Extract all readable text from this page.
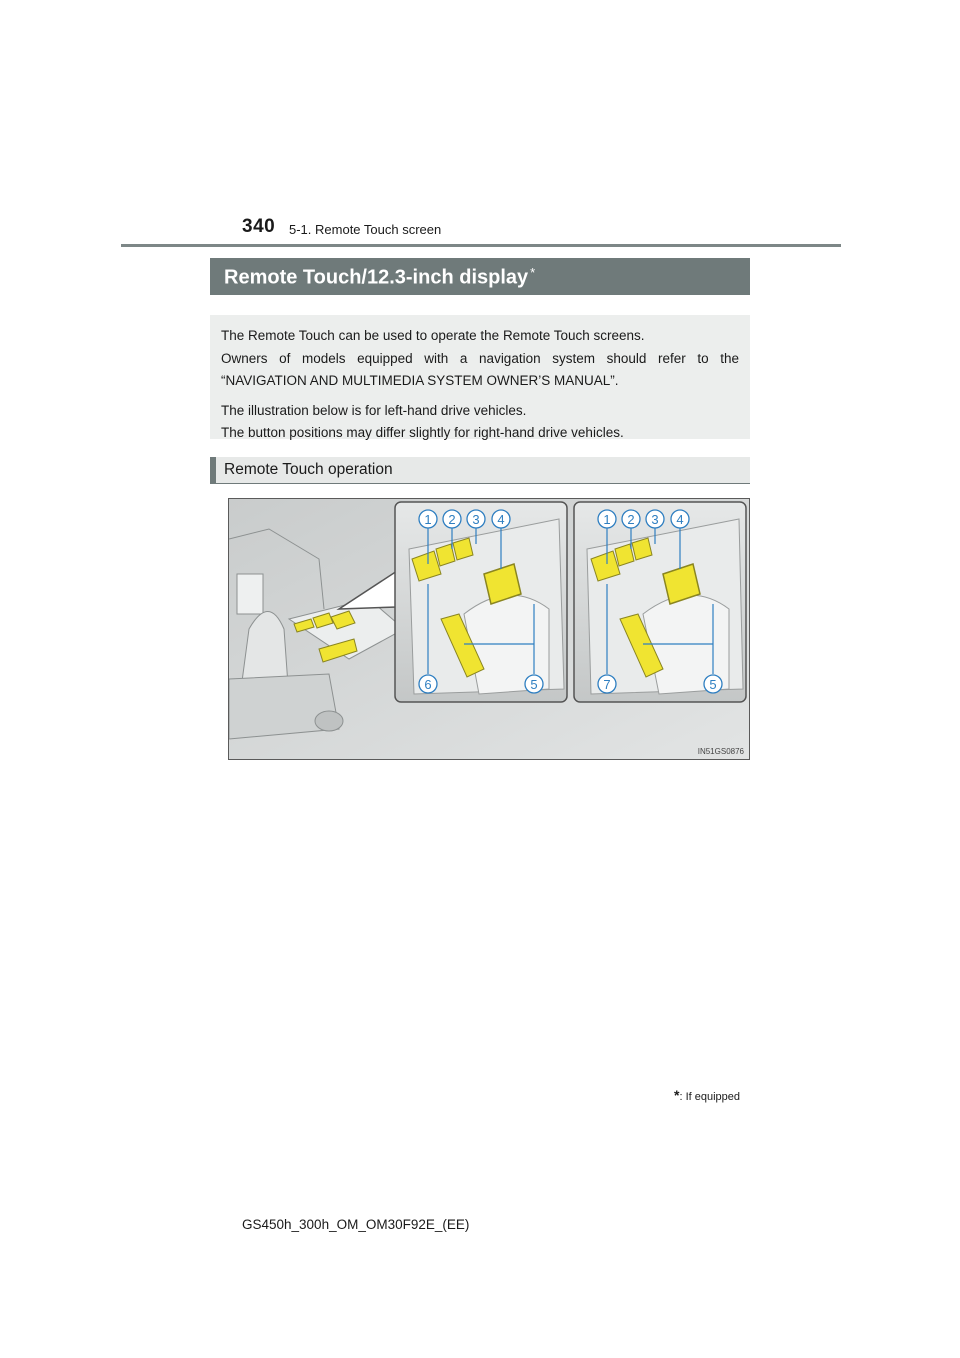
340 5-1. Remote Touch screen
Remote Touch/12.3-inch display *

The Remote Touch can be used to operate the Remote Touch screens.

Owners of models equipped with a navigation system should refer to the “NAVIGATION AND MULTIMEDIA SYSTEM OWNER’S MANUAL”.

The illustration below is for left-hand drive vehicles.

The button positions may differ slightly for right-hand drive vehicles.

Remote Touch operation
1 2 3 4
6	5
1 2 3 4
7	5
IN51GS0876
*: If equipped
GS450h_300h_OM_OM30F92E_(EE)
